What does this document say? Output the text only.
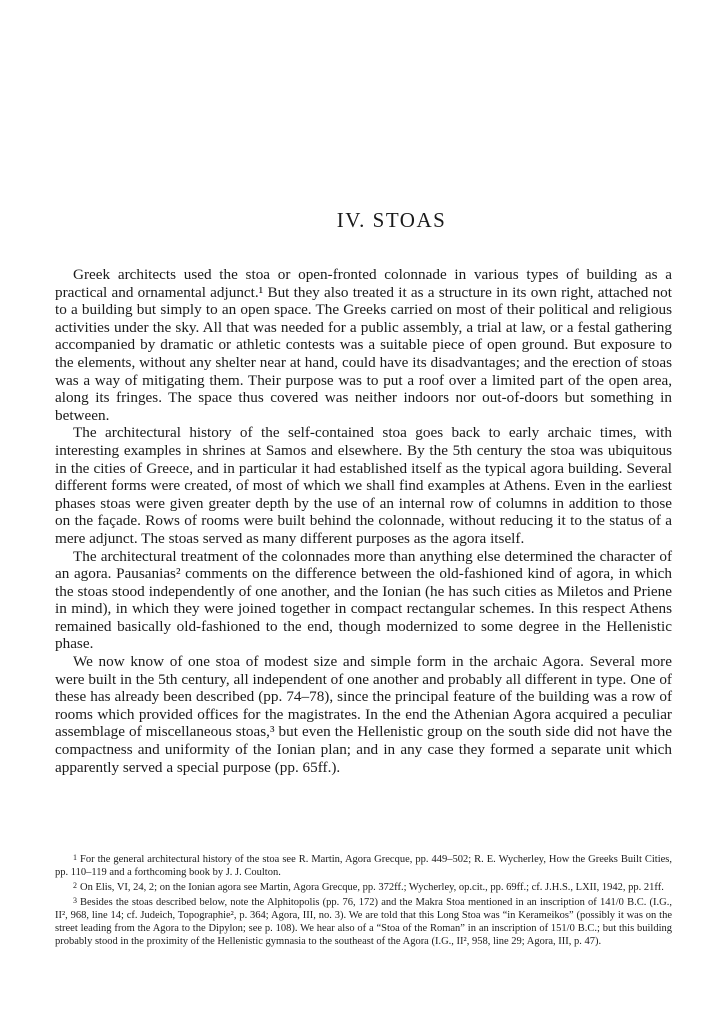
IV. STOAS

Greek architects used the stoa or open-fronted colonnade in various types of building as a practical and ornamental adjunct.¹ But they also treated it as a structure in its own right, attached not to a building but simply to an open space. The Greeks carried on most of their political and religious activities under the sky. All that was needed for a public assembly, a trial at law, or a festal gathering accompanied by dramatic or athletic contests was a suitable piece of open ground. But exposure to the elements, without any shelter near at hand, could have its disadvantages; and the erection of stoas was a way of mitigating them. Their purpose was to put a roof over a limited part of the open area, along its fringes. The space thus covered was neither indoors nor out-of-doors but something in between.

The architectural history of the self-contained stoa goes back to early archaic times, with interesting examples in shrines at Samos and elsewhere. By the 5th century the stoa was ubiquitous in the cities of Greece, and in particular it had established itself as the typical agora building. Several different forms were created, of most of which we shall find examples at Athens. Even in the earliest phases stoas were given greater depth by the use of an internal row of columns in addition to those on the façade. Rows of rooms were built behind the colonnade, without reducing it to the status of a mere adjunct. The stoas served as many different purposes as the agora itself.

The architectural treatment of the colonnades more than anything else determined the character of an agora. Pausanias² comments on the difference between the old-fashioned kind of agora, in which the stoas stood independently of one another, and the Ionian (he has such cities as Miletos and Priene in mind), in which they were joined together in compact rectangular schemes. In this respect Athens remained basically old-fashioned to the end, though modernized to some degree in the Hellenistic phase.

We now know of one stoa of modest size and simple form in the archaic Agora. Several more were built in the 5th century, all independent of one another and probably all different in type. One of these has already been described (pp. 74–78), since the principal feature of the building was a row of rooms which provided offices for the magistrates. In the end the Athenian Agora acquired a peculiar assemblage of miscellaneous stoas,³ but even the Hellenistic group on the south side did not have the compactness and uniformity of the Ionian plan; and in any case they formed a separate unit which apparently served a special purpose (pp. 65ff.).

1 For the general architectural history of the stoa see R. Martin, Agora Grecque, pp. 449–502; R. E. Wycherley, How the Greeks Built Cities, pp. 110–119 and a forthcoming book by J. J. Coulton.

2 On Elis, VI, 24, 2; on the Ionian agora see Martin, Agora Grecque, pp. 372ff.; Wycherley, op.cit., pp. 69ff.; cf. J.H.S., LXII, 1942, pp. 21ff.

3 Besides the stoas described below, note the Alphitopolis (pp. 76, 172) and the Makra Stoa mentioned in an inscription of 141/0 B.C. (I.G., II², 968, line 14; cf. Judeich, Topographie², p. 364; Agora, III, no. 3). We are told that this Long Stoa was “in Kerameikos” (possibly it was on the street leading from the Agora to the Dipylon; see p. 108). We hear also of a “Stoa of the Roman” in an inscription of 151/0 B.C.; but this building probably stood in the proximity of the Hellenistic gymnasia to the southeast of the Agora (I.G., II², 958, line 29; Agora, III, p. 47).
